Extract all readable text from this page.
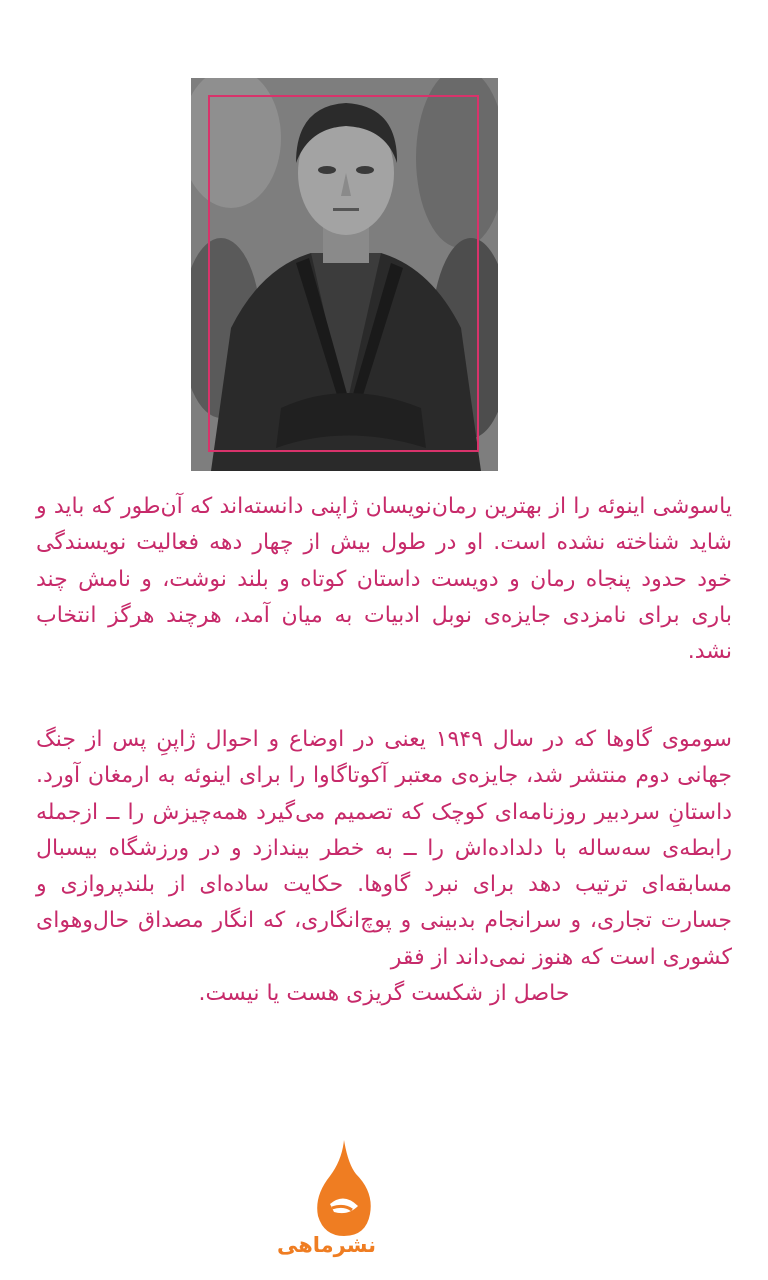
یاسوشی اینوئه را از بهترین رمان‌نویسان ژاپنی دانسته‌اند که آن‌طور که باید و شاید شناخته نشده است. او در طول بیش از چهار دهه فعالیت نویسندگی خود حدود پنجاه رمان و دویست داستان کوتاه و بلند نوشت، و نامش چند باری برای نامزدی جایزه‌ی نوبل ادبیات به میان آمد، هرچند هرگز انتخاب نشد.
سوموی گاوها که در سال ۱۹۴۹ یعنی در اوضاع و احوال ژاپنِ پس از جنگ جهانی دوم منتشر شد، جایزه‌ی معتبر آکوتاگاوا را برای اینوئه به ارمغان آورد. داستانِ سردبیر روزنامه‌ای کوچک که تصمیم می‌گیرد همه‌چیزش را ــ ازجمله رابطه‌ی سه‌ساله با دلداده‌اش را ــ به خطر بیندازد و در ورزشگاه بیسبال مسابقه‌ای ترتیب دهد برای نبرد گاوها. حکایت ساده‌ای از بلندپروازی و جسارت تجاری، و سرانجام بدبینی و پوچ‌انگاری، که انگار مصداق حال‌وهوای کشوری است که هنوز نمی‌داند از فقر
حاصل از شکست گریزی هست یا نیست.
نشرماهی
